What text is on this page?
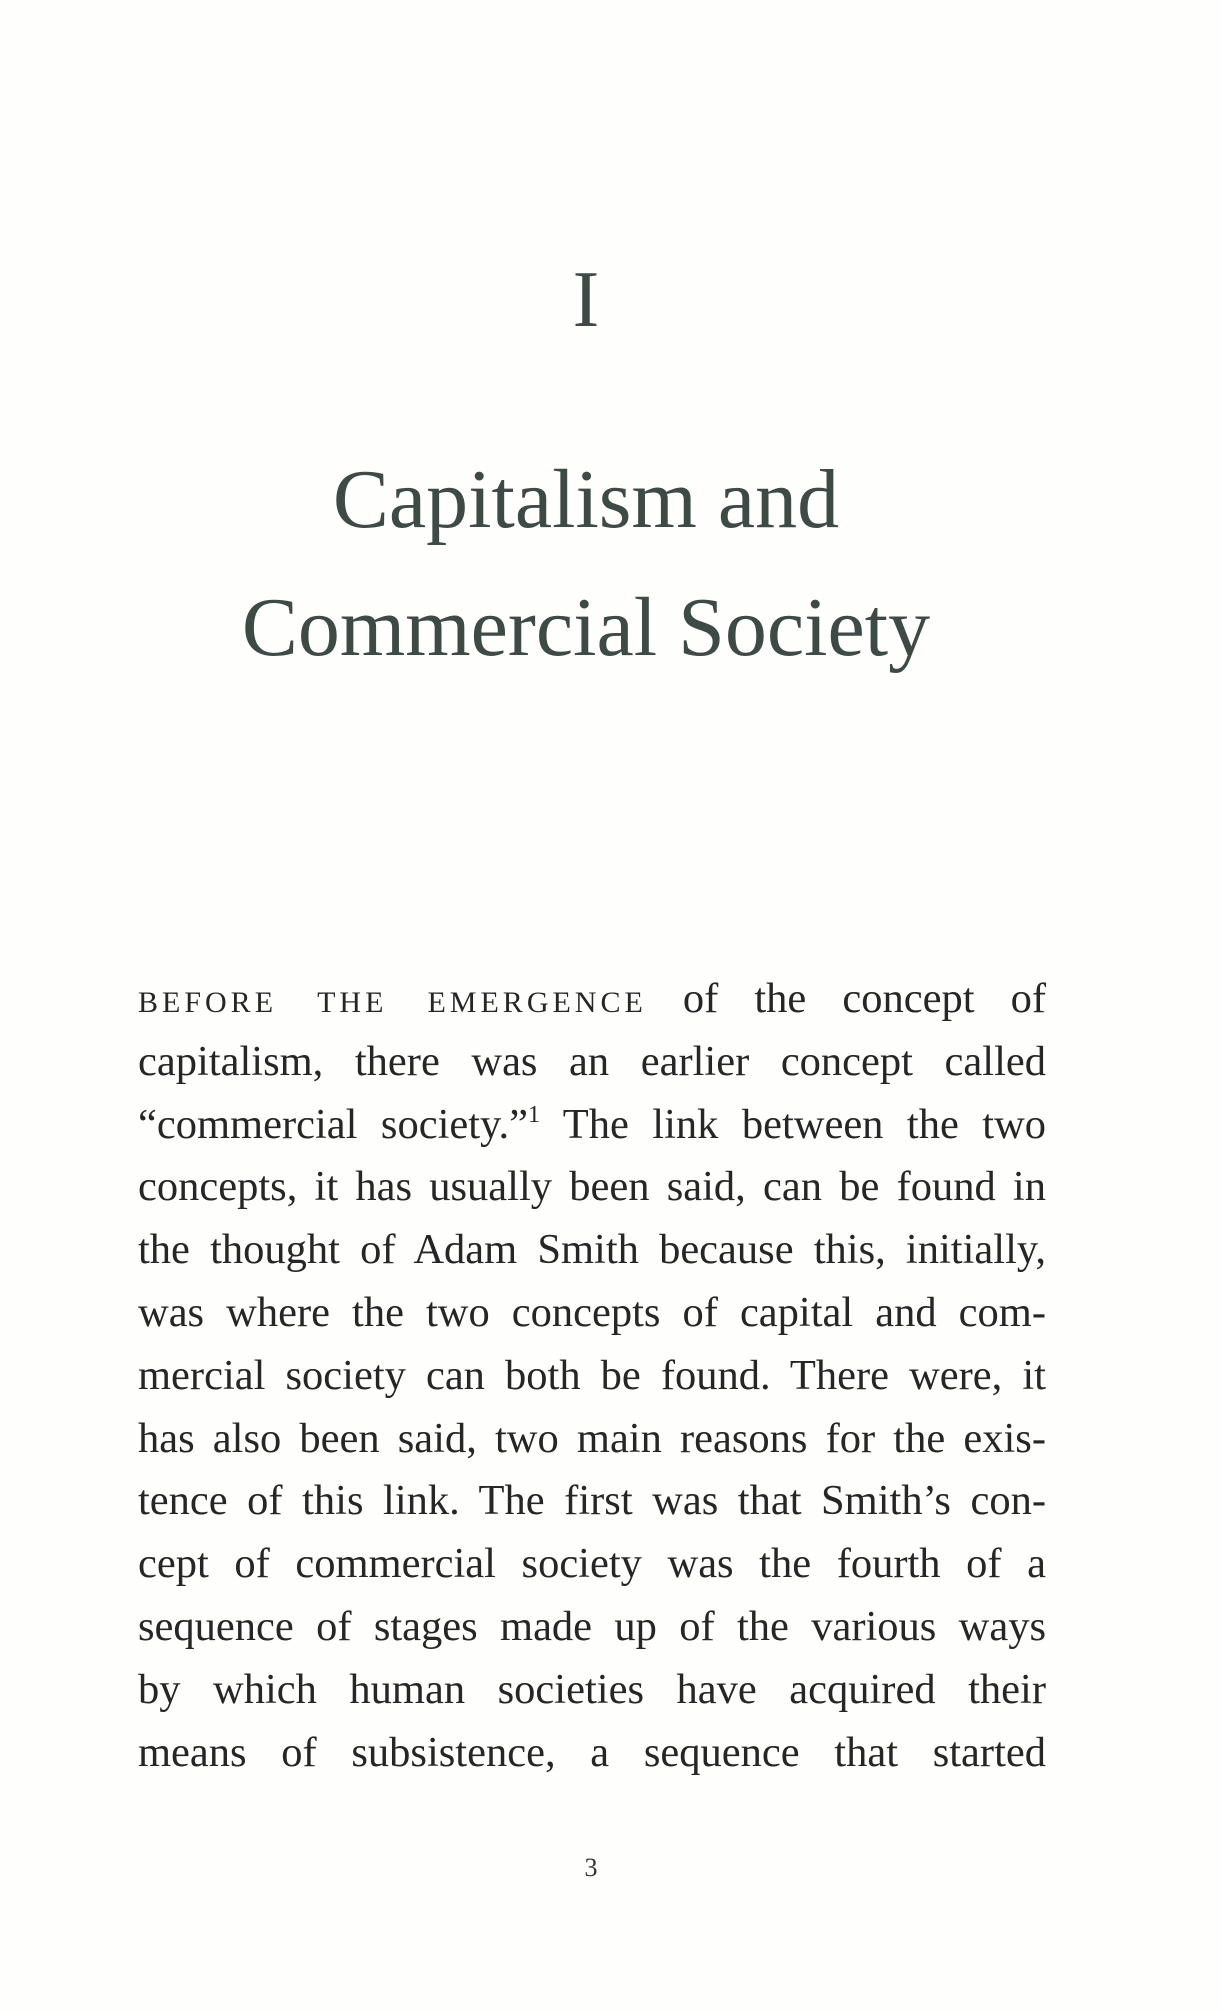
I
Capitalism and
Commercial Society
before the emergence of the concept of
capitalism, there was an earlier concept called
“commercial society.”$^1$ The link between the two
concepts, it has usually been said, can be found in
the thought of Adam Smith because this, initially,
was where the two concepts of capital and com-
mercial society can both be found. There were, it
has also been said, two main reasons for the exis-
tence of this link. The first was that Smith’s con-
cept of commercial society was the fourth of a
sequence of stages made up of the various ways
by which human societies have acquired their
means of subsistence, a sequence that started
3
